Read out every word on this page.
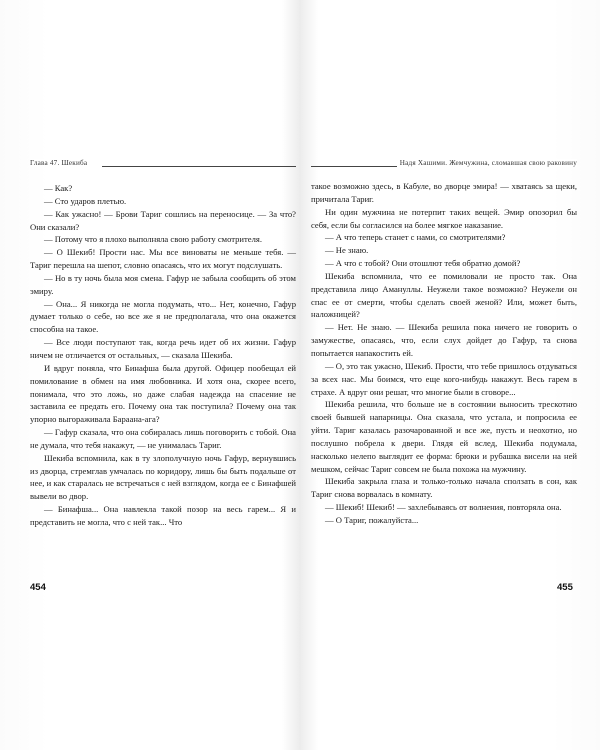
Глава 47. Шекиба

— Как?

— Сто ударов плетью.

— Как ужасно! — Брови Тариг сошлись на переносице. — За что? Они сказали?

— Потому что я плохо выполняла свою работу смотрителя.

— О Шекиб! Прости нас. Мы все виноваты не меньше тебя. — Тариг перешла на шепот, словно опасаясь, что их могут подслушать.

— Но в ту ночь была моя смена. Гафур не забыла сообщить об этом эмиру.

— Она... Я никогда не могла подумать, что... Нет, конечно, Гафур думает только о себе, но все же я не предполагала, что она окажется способна на такое.

— Все люди поступают так, когда речь идет об их жизни. Гафур ничем не отличается от остальных, — сказала Шекиба.

И вдруг поняла, что Бинафша была другой. Офицер пообещал ей помилование в обмен на имя любовника. И хотя она, скорее всего, понимала, что это ложь, но даже слабая надежда на спасение не заставила ее предать его. Почему она так поступила? Почему она так упорно выгораживала Бараана-ага?

— Гафур сказала, что она собиралась лишь поговорить с тобой. Она не думала, что тебя накажут, — не унималась Тариг.

Шекиба вспомнила, как в ту злополучную ночь Гафур, вернувшись из дворца, стремглав умчалась по коридору, лишь бы быть подальше от нее, и как старалась не встречаться с ней взглядом, когда ее с Бинафшей вывели во двор.

— Бинафша... Она навлекла такой позор на весь гарем... Я и представить не могла, что с ней так... Что

Надя Хашими. Жемчужина, сломавшая свою раковину

такое возможно здесь, в Кабуле, во дворце эмира! — хватаясь за щеки, причитала Тариг.

Ни один мужчина не потерпит таких вещей. Эмир опозорил бы себя, если бы согласился на более мягкое наказание.

— А что теперь станет с нами, со смотрителями?

— Не знаю.

— А что с тобой? Они отошлют тебя обратно домой?

Шекиба вспомнила, что ее помиловали не просто так. Она представила лицо Амануллы. Неужели такое возможно? Неужели он спас ее от смерти, чтобы сделать своей женой? Или, может быть, наложницей?

— Нет. Не знаю. — Шекиба решила пока ничего не говорить о замужестве, опасаясь, что, если слух дойдет до Гафур, та снова попытается напакостить ей.

— О, это так ужасно, Шекиб. Прости, что тебе пришлось отдуваться за всех нас. Мы боимся, что еще кого-нибудь накажут. Весь гарем в страхе. А вдруг они решат, что многие были в сговоре...

Шекиба решила, что больше не в состоянии выносить трескотню своей бывшей напарницы. Она сказала, что устала, и попросила ее уйти. Тариг казалась разочарованной и все же, пусть и неохотно, но послушно побрела к двери. Глядя ей вслед, Шекиба подумала, насколько нелепо выглядит ее форма: брюки и рубашка висели на ней мешком, сейчас Тариг совсем не была похожа на мужчину.

Шекиба закрыла глаза и только-только начала сползать в сон, как Тариг снова ворвалась в комнату.

— Шекиб! Шекиб! — захлебываясь от волнения, повторяла она.

— О Тариг, пожалуйста...

454	455
